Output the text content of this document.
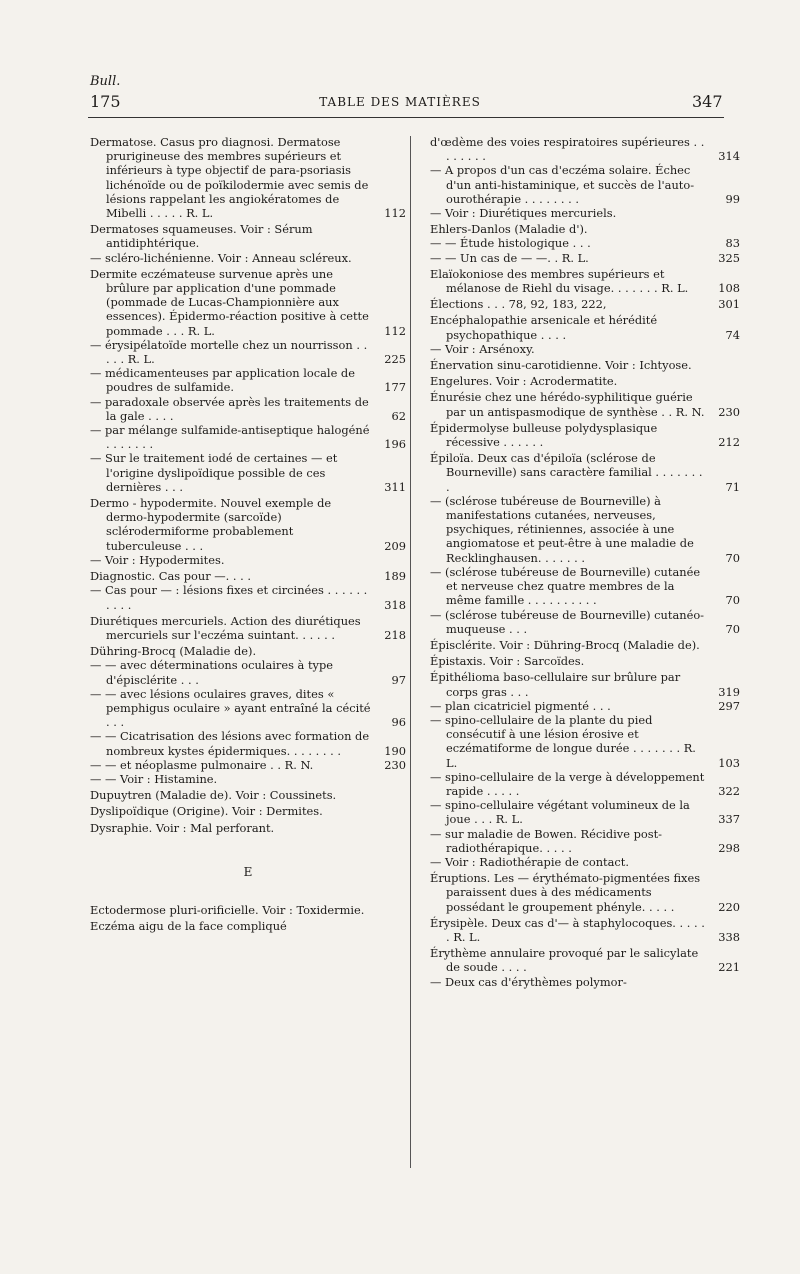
Bull.
175	TABLE DES MATIÈRES	347
Dermatose. Casus pro diagnosi. Dermatose prurigineuse des membres supérieurs et inférieurs à type objectif de para-psoriasis lichénoïde ou de poïkilodermie avec semis de lésions rappelant les angiokératomes de Mibelli . . . . . R. L.	112
Dermatoses squameuses. Voir : Sérum antidiphtérique.
— scléro-lichénienne. Voir : Anneau scléreux.
Dermite eczémateuse survenue après une brûlure par application d'une pommade (pommade de Lucas-Championnière aux essences). Épidermo-réaction positive à cette pommade . . . R. L.	112
— érysipélatoïde mortelle chez un nourrisson . . . . . R. L.	225
— médicamenteuses par application locale de poudres de sulfamide.	177
— paradoxale observée après les traitements de la gale . . . .	62
— par mélange sulfamide-antiseptique halogéné . . . . . . .	196
— Sur le traitement iodé de certaines — et l'origine dyslipoïdique possible de ces dernières . . .	311
Dermo - hypodermite. Nouvel exemple de dermo-hypodermite (sarcoïde) sclérodermiforme probablement tuberculeuse . . .	209
— Voir : Hypodermites.
Diagnostic. Cas pour —. . . .	189
— Cas pour — : lésions fixes et circinées . . . . . . . . . .	318
Diurétiques mercuriels. Action des diurétiques mercuriels sur l'eczéma suintant. . . . . .	218
Dühring-Brocq (Maladie de).
— — avec déterminations oculaires à type d'épisclérite . . .	97
— — avec lésions oculaires graves, dites « pemphigus oculaire » ayant entraîné la cécité . . .	96
— — Cicatrisation des lésions avec formation de nombreux kystes épidermiques. . . . . . . .	190
— — et néoplasme pulmonaire . . R. N.	230
— — Voir : Histamine.
Dupuytren (Maladie de). Voir : Coussinets.
Dyslipoïdique (Origine). Voir : Dermites.
Dysraphie. Voir : Mal perforant.
E
Ectodermose pluri-orificielle. Voir : Toxidermie.
Eczéma aigu de la face compliqué
d'œdème des voies respiratoires supérieures . . . . . . . .	314
— A propos d'un cas d'eczéma solaire. Échec d'un anti-histaminique, et succès de l'auto-ourothérapie . . . . . . . .	99
— Voir : Diurétiques mercuriels.
Ehlers-Danlos (Maladie d').
— — Étude histologique . . .	83
— — Un cas de — —. . R. L.	325
Elaïokoniose des membres supérieurs et mélanose de Riehl du visage. . . . . . . R. L.	108
Élections . . . 78, 92, 183, 222,	301
Encéphalopathie arsenicale et hérédité psychopathique . . . .	74
— Voir : Arsénoxy.
Énervation sinu-carotidienne. Voir : Ichtyose.
Engelures. Voir : Acrodermatite.
Énurésie chez une hérédo-syphilitique guérie par un antispasmodique de synthèse . . R. N. 230
Épidermolyse bulleuse polydysplasique récessive . . . . . .	212
Épiloïa. Deux cas d'épiloïa (sclérose de Bourneville) sans caractère familial . . . . . . . .	71
— (sclérose tubéreuse de Bourneville) à manifestations cutanées, nerveuses, psychiques, rétiniennes, associée à une angiomatose et peut-être à une maladie de Recklinghausen. . . . . . .	70
— (sclérose tubéreuse de Bourneville) cutanée et nerveuse chez quatre membres de la même famille . . . . . . . . . .	70
— (sclérose tubéreuse de Bourneville) cutanéo-muqueuse . . .	70
Épisclérite. Voir : Dühring-Brocq (Maladie de).
Épistaxis. Voir : Sarcoïdes.
Épithélioma baso-cellulaire sur brûlure par corps gras . . .	319
— plan cicatriciel pigmenté . . .	297
— spino-cellulaire de la plante du pied consécutif à une lésion érosive et eczématiforme de longue durée . . . . . . . R. L.	103
— spino-cellulaire de la verge à développement rapide . . . . .	322
— spino-cellulaire végétant volumineux de la joue . . . R. L.	337
— sur maladie de Bowen. Récidive post-radiothérapique. . . . .	298
— Voir : Radiothérapie de contact.
Éruptions. Les — érythémato-pigmentées fixes paraissent dues à des médicaments possédant le groupement phényle. . . . .	220
Érysipèle. Deux cas d'— à staphylocoques. . . . . . R. L.	338
Érythème annulaire provoqué par le salicylate de soude . . . .	221
— Deux cas d'érythèmes polymor-
